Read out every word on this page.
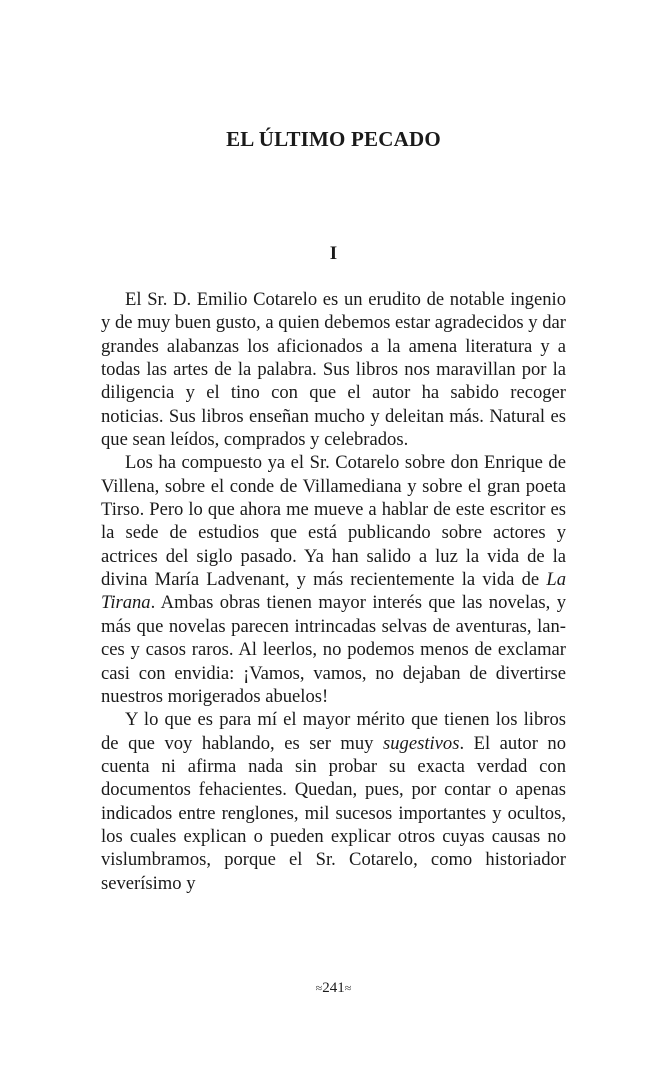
EL ÚLTIMO PECADO
I

El Sr. D. Emilio Cotarelo es un erudito de notable ingenio y de muy buen gusto, a quien debemos estar agradecidos y dar grandes alabanzas los aficionados a la amena literatura y a todas las artes de la palabra. Sus libros nos maravillan por la diligencia y el tino con que el autor ha sabido recoger noticias. Sus libros enseñan mucho y deleitan más. Natural es que sean leídos, comprados y celebrados.

Los ha compuesto ya el Sr. Cotarelo sobre don Enrique de Villena, sobre el conde de Villamediana y sobre el gran poeta Tirso. Pero lo que ahora me mueve a hablar de este escritor es la sede de estudios que está publicando sobre actores y actrices del siglo pasado. Ya han salido a luz la vida de la divina María Ladvenant, y más recientemente la vida de La Tirana. Ambas obras tienen mayor interés que las novelas, y más que novelas parecen intrincadas selvas de aventuras, lances y casos raros. Al leerlos, no podemos menos de exclamar casi con envidia: ¡Vamos, vamos, no dejaban de divertirse nuestros morigerados abuelos!

Y lo que es para mí el mayor mérito que tienen los libros de que voy hablando, es ser muy sugestivos. El autor no cuenta ni afirma nada sin probar su exacta verdad con documentos fehacientes. Quedan, pues, por contar o apenas indicados entre renglones, mil sucesos importantes y ocultos, los cuales explican o pueden explicar otros cuyas causas no vislumbramos, porque el Sr. Cotarelo, como historiador severísimo y

≈241≈
